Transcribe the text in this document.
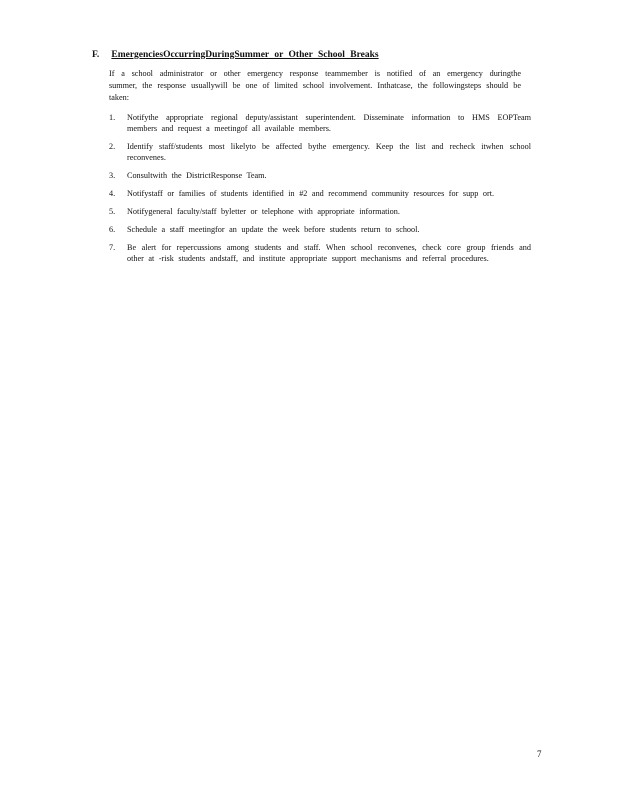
F. EmergenciesOccurringDuringSummer or Other School Breaks
If a school administrator or other emergency response teammember is notified of an emergency duringthe summer, the response usuallywill be one of limited school involvement. Inthatcase, the followingsteps should be taken:
1. Notifythe appropriate regional deputy/assistant superintendent. Disseminate information to HMS EOPTeam members and request a meetingof all available members.
2. Identify staff/students most likelyto be affected bythe emergency. Keep the list and recheck itwhen school reconvenes.
3. Consultwith the DistrictResponse Team.
4. Notifystaff or families of students identified in #2 and recommend community resources for supp ort.
5. Notifygeneral faculty/staff byletter or telephone with appropriate information.
6. Schedule a staff meetingfor an update the week before students return to school.
7. Be alert for repercussions among students and staff. When school reconvenes, check core group friends and other at -risk students andstaff, and institute appropriate support mechanisms and referral procedures.
7
